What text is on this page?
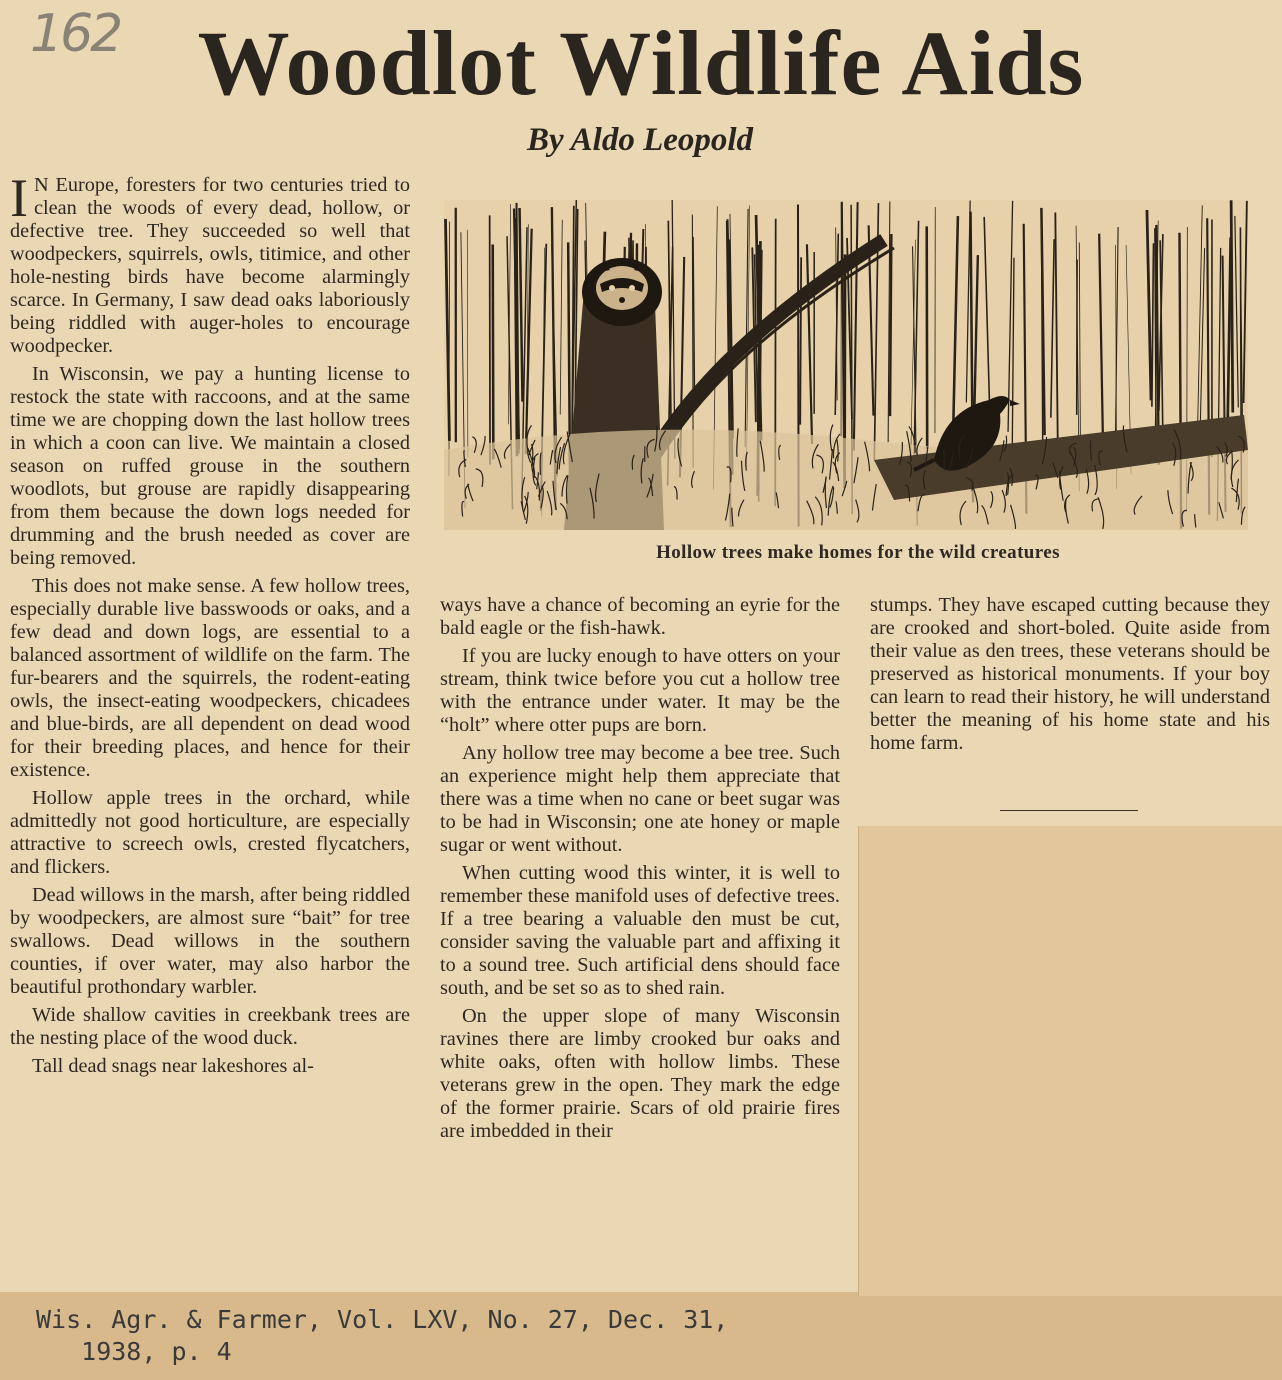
162 Woodlot Wildlife Aids
By Aldo Leopold

I N Europe, foresters for two centuries tried to clean the woods of every dead, hollow, or defective tree. They succeeded so well that woodpeckers, squirrels, owls, titimice, and other hole-nesting birds have become alarmingly scarce. In Germany, I saw dead oaks laboriously being riddled with auger-holes to encourage woodpecker.

In Wisconsin, we pay a hunting license to restock the state with raccoons, and at the same time we are chopping down the last hollow trees in which a coon can live. We maintain a closed season on ruffed grouse in the southern woodlots, but grouse are rapidly disappearing from them because the down logs needed for drumming and the brush needed as cover are being removed.

This does not make sense. A few hollow trees, especially durable live basswoods or oaks, and a few dead and down logs, are essential to a balanced assortment of wildlife on the farm. The fur-bearers and the squirrels, the rodent-eating owls, the insect-eating woodpeckers, chicadees and blue-birds, are all dependent on dead wood for their breeding places, and hence for their existence.

Hollow apple trees in the orchard, while admittedly not good horticulture, are especially attractive to screech owls, crested flycatchers, and flickers.

Dead willows in the marsh, after being riddled by woodpeckers, are almost sure “bait” for tree swallows. Dead willows in the southern counties, if over water, may also harbor the beautiful prothondary warbler.

Wide shallow cavities in creekbank trees are the nesting place of the wood duck.

Tall dead snags near lakeshores al-

Hollow trees make homes for the wild creatures

ways have a chance of becoming an eyrie for the bald eagle or the fish-hawk.

If you are lucky enough to have otters on your stream, think twice before you cut a hollow tree with the entrance under water. It may be the “holt” where otter pups are born.

Any hollow tree may become a bee tree. Such an experience might help them appreciate that there was a time when no cane or beet sugar was to be had in Wisconsin; one ate honey or maple sugar or went without.

When cutting wood this winter, it is well to remember these manifold uses of defective trees. If a tree bearing a valuable den must be cut, consider saving the valuable part and affixing it to a sound tree. Such artificial dens should face south, and be set so as to shed rain.

On the upper slope of many Wisconsin ravines there are limby crooked bur oaks and white oaks, often with hollow limbs. These veterans grew in the open. They mark the edge of the former prairie. Scars of old prairie fires are imbedded in their

stumps. They have escaped cutting because they are crooked and short-boled. Quite aside from their value as den trees, these veterans should be preserved as historical monuments. If your boy can learn to read their history, he will understand better the meaning of his home state and his home farm.

Wis. Agr. & Farmer, Vol. LXV, No. 27, Dec. 31,
1938, p. 4
